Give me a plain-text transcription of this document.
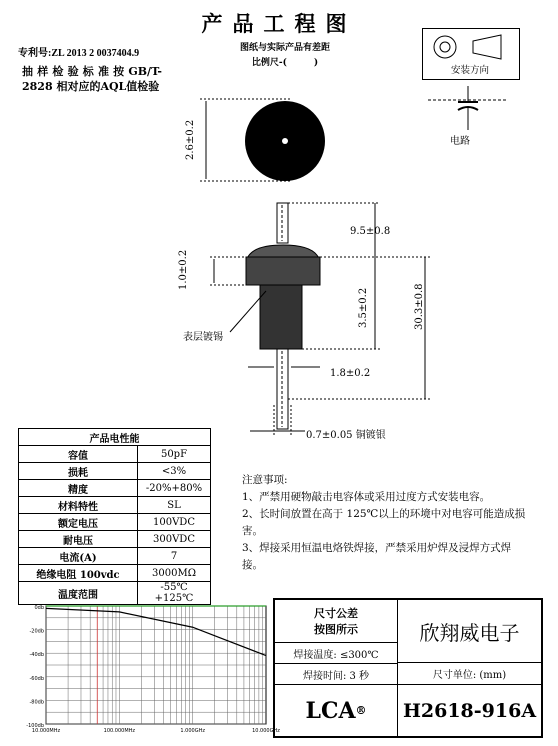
产品工程图
专利号:ZL 2013 2 0037404.9
抽样检验标准按GB/T-2828 相对应的AQL值检验
图纸与实际产品有差距
比例尺-(　　　)
安装方向
电路
2.6±0.2
9.5±0.8
1.0±0.2
3.5±0.2	30.3±0.8
1.8±0.2
0.7±0.05 铜镀银
表层镀锡
产品电性能	
容值	50pF
损耗	<3%
精度	-20%+80%
材料特性	SL
额定电压	100VDC
耐电压	300VDC
电流(A)	7
绝缘电阻 100vdc	3000MΩ
温度范围	-55℃+125℃

注意事项:

1、严禁用硬物敲击电容体或采用过度方式安装电容。

2、长时间放置在高于 125℃以上的环境中对电容可能造成损害。

3、焊接采用恒温电烙铁焊接，严禁采用炉焊及浸焊方式焊接。

0db
-20db
-40db
-60db
-80db
-100db
10.000MHz	100.000MHz	1.000GHz	10.000GHz
尺寸公差
按图所示	欣翔威电子
焊接温度: ≤300℃
焊接时间: 3 秒	尺寸单位: (mm)
LCA ®	H2618-916A
